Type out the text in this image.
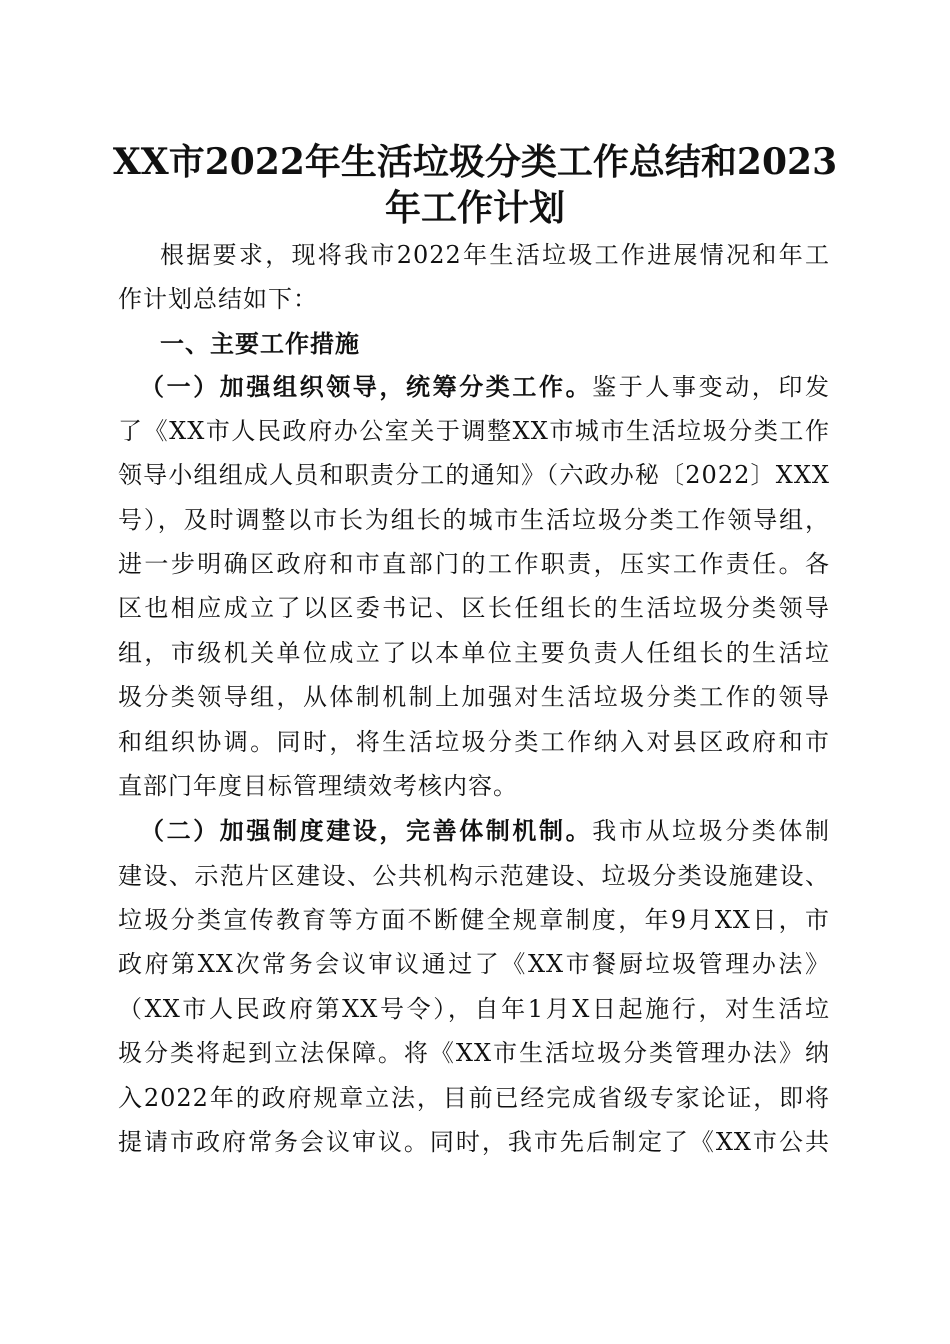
XX市2022年生活垃圾分类工作总结和2023
年工作计划
根据要求，现将我市2022年生活垃圾工作进展情况和年工
作计划总结如下：
一、主要工作措施
（一）加强组织领导，统筹分类工作。鉴于人事变动，印发
了《XX市人民政府办公室关于调整XX市城市生活垃圾分类工作
领导小组组成人员和职责分工的通知》（六政办秘〔2022〕XXX
号），及时调整以市长为组长的城市生活垃圾分类工作领导组，
进一步明确区政府和市直部门的工作职责，压实工作责任。各
区也相应成立了以区委书记、区长任组长的生活垃圾分类领导
组，市级机关单位成立了以本单位主要负责人任组长的生活垃
圾分类领导组，从体制机制上加强对生活垃圾分类工作的领导
和组织协调。同时，将生活垃圾分类工作纳入对县区政府和市
直部门年度目标管理绩效考核内容。
（二）加强制度建设，完善体制机制。我市从垃圾分类体制
建设、示范片区建设、公共机构示范建设、垃圾分类设施建设、
垃圾分类宣传教育等方面不断健全规章制度，年9月XX日，市
政府第XX次常务会议审议通过了《XX市餐厨垃圾管理办法》
（XX市人民政府第XX号令），自年1月X日起施行，对生活垃
圾分类将起到立法保障。将《XX市生活垃圾分类管理办法》纳
入2022年的政府规章立法，目前已经完成省级专家论证，即将
提请市政府常务会议审议。同时，我市先后制定了《XX市公共
